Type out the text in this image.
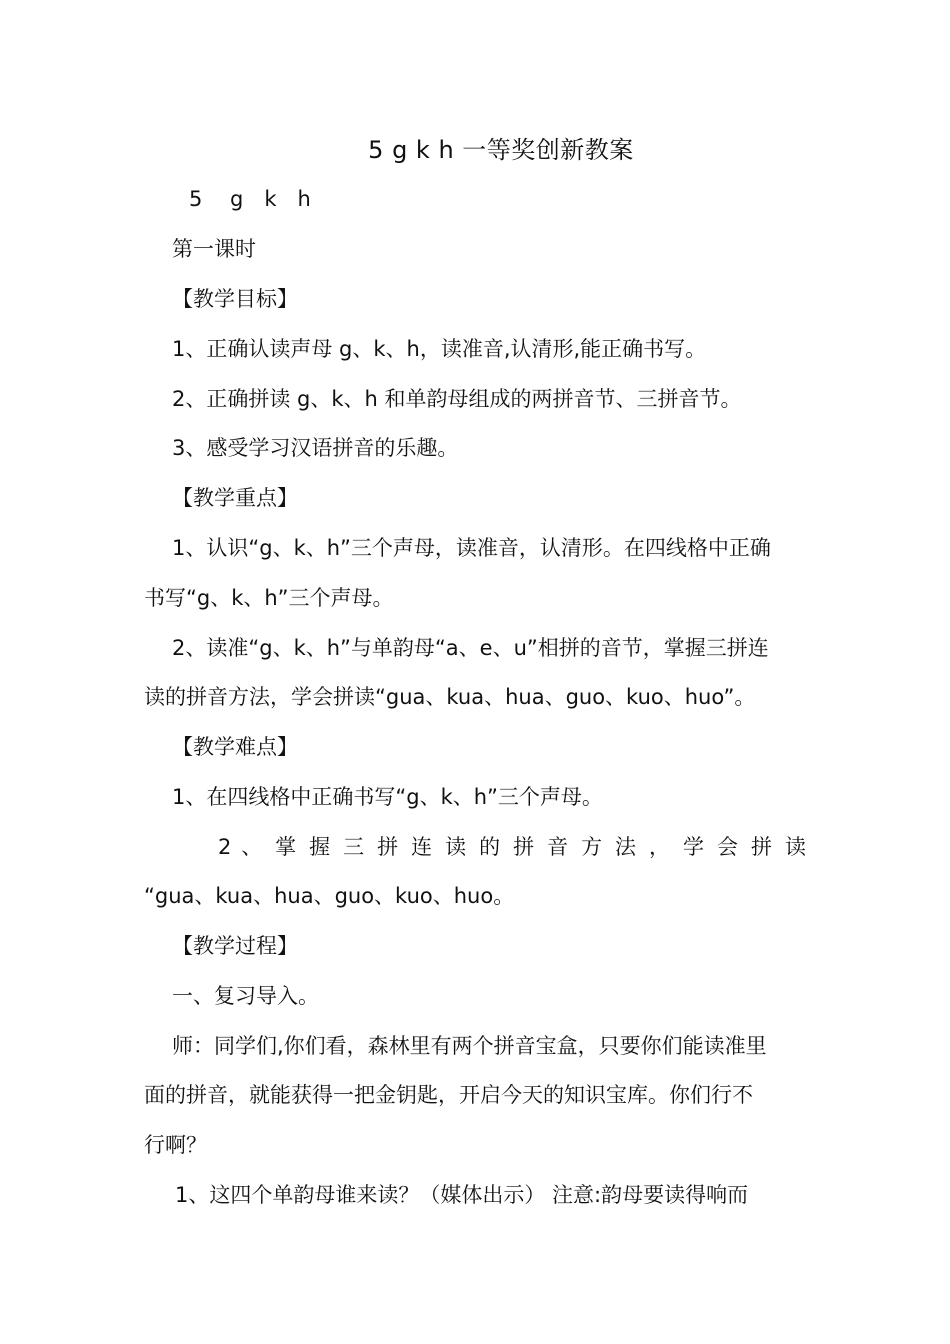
5 g k h 一等奖创新教案
5 　g　k　h
第一课时
【教学目标】
1、正确认读声母 g、k、h，读准音,认清形,能正确书写。
2、正确拼读 g、k、h 和单韵母组成的两拼音节、三拼音节。
3、感受学习汉语拼音的乐趣。
【教学重点】
1、认识“g、k、h”三个声母，读准音，认清形。在四线格中正确
书写“g、k、h”三个声母。
2、读准“g、k、h”与单韵母“a、e、u”相拼的音节，掌握三拼连
读的拼音方法，学会拼读“gua、kua、hua、guo、kuo、huo”。
【教学难点】
1、在四线格中正确书写“g、k、h”三个声母。
2 、 掌 握 三 拼 连 读 的 拼 音 方 法 ， 学 会 拼 读
“gua、kua、hua、guo、kuo、huo。
【教学过程】
一、复习导入。
师：同学们,你们看，森林里有两个拼音宝盒，只要你们能读准里
面的拼音，就能获得一把金钥匙，开启今天的知识宝库。你们行不
行啊？
1、这四个单韵母谁来读？（媒体出示） 注意:韵母要读得响而
